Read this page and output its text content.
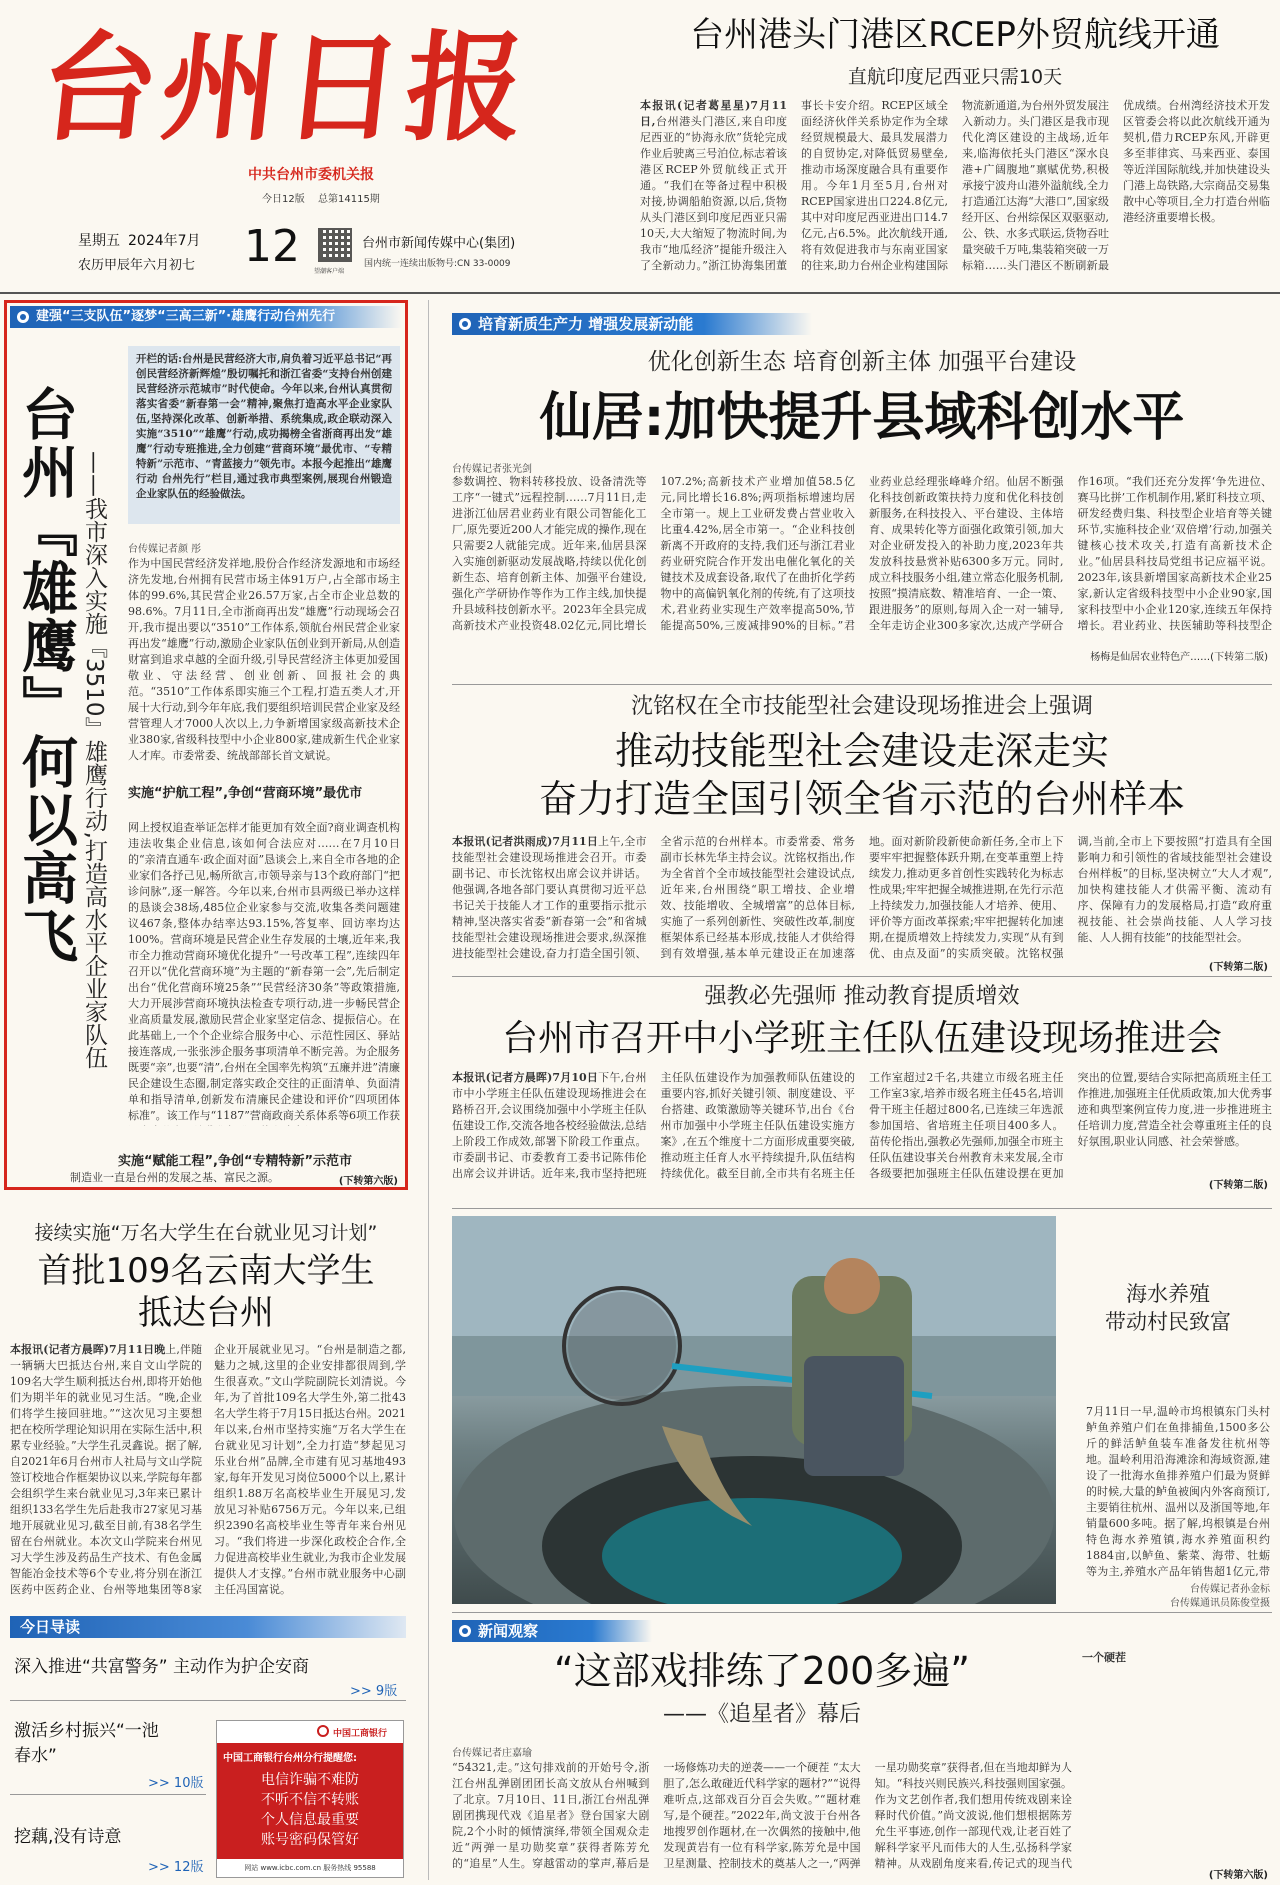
台州日报
中共台州市委机关报
今日12版 总第14115期
星期五 2024年7月
农历甲辰年六月初七 12 望潮客户端
台州市新闻传媒中心(集团)
国内统一连续出版物号:CN 33-0009
台州港头门港区RCEP外贸航线开通
直航印度尼西亚只需10天
本报讯(记者葛星星)7月11日,台州港头门港区,来自印度尼西亚的“协海永欣”货轮完成作业后驶离三号泊位,标志着该港区RCEP外贸航线正式开通。“我们在等备过程中积极对接,协调船舶资源,以后,货物从头门港区到印度尼西亚只需10天,大大缩短了物流时间,为我市“地瓜经济”提能升级注入了全新动力。”浙江协海集团董事长卡安介绍。RCEP区域全面经济伙伴关系协定作为全球经贸规模最大、最具发展潜力的自贸协定,对降低贸易壁垒,推动市场深度融合具有重要作用。今年1月至5月,台州对RCEP国家进出口224.8亿元,其中对印度尼西亚进出口14.7亿元,占6.5%。此次航线开通,将有效促进我市与东南亚国家的往来,助力台州企业构建国际物流新通道,为台州外贸发展注入新动力。头门港区是我市现代化湾区建设的主战场,近年来,临海依托头门港区“深水良港+广阔腹地”禀赋优势,积极承接宁波舟山港外溢航线,全力打造通江达海“大港口”,国家级经开区、台州综保区双驱驱动,公、铁、水多式联运,货物吞吐量突破千万吨,集装箱突破一万标箱……头门港区不断刷新最优成绩。台州湾经济技术开发区管委会将以此次航线开通为契机,借力RCEP东风,开辟更多至菲律宾、马来西亚、泰国等近洋国际航线,并加快建设头门港上岛铁路,大宗商品交易集散中心等项目,全力打造台州临港经济重要增长极。
建强“三支队伍”逐梦“三高三新”·雄鹰行动台州先行
台州『雄鹰』何以高飞 ——我市深入实施『3510』雄鹰行动,打造高水平企业家队伍
开栏的话:台州是民营经济大市,肩负着习近平总书记“再创民营经济新辉煌”殷切嘱托和浙江省委“支持台州创建民营经济示范城市”时代使命。今年以来,台州认真贯彻落实省委“新春第一会”精神,聚焦打造高水平企业家队伍,坚持深化改革、创新举措、系统集成,政企联动深入实施“3510”“雄鹰”行动,成功揭榜全省浙商再出发“雄鹰”行动专班推进,全力创建“营商环境”最优市、“专精特新”示范市、“青蓝接力”领先市。本报今起推出“雄鹰行动 台州先行”栏目,通过我市典型案例,展现台州锻造企业家队伍的经验做法。
台传媒记者颜 彤
作为中国民营经济发祥地,股份合作经济发源地和市场经济先发地,台州拥有民营市场主体91万户,占全部市场主体的99.6%,其民营企业26.57万家,占全市企业总数的98.6%。7月11日,全市浙商再出发“雄鹰”行动现场会召开,我市提出要以“3510”工作体系,领航台州民营企业家再出发“雄鹰”行动,激励企业家队伍创业到开新局,从创造财富到追求卓越的全面升级,引导民营经济主体更加爱国敬业、守法经营、创业创新、回报社会的典范。“3510”工作体系即实施三个工程,打造五类人才,开展十大行动,到今年年底,我们要组织培训民营企业家及经营管理人才7000人次以上,力争新增国家级高新技术企业380家,省级科技型中小企业800家,建成新生代企业家人才库。市委常委、统战部部长首文斌说。
实施“护航工程”,争创“营商环境”最优市
网上授权追查举证怎样才能更加有效全面?商业调查机构违法收集企业信息,该如何合法应对……在7月10日的“亲清直通车·政企面对面”恳谈会上,来自全市各地的企业家们各抒己见,畅所欲言,市领导亲与13个政府部门“把诊问脉”,逐一解答。今年以来,台州市县两级已举办这样的恳谈会38场,485位企业家参与交流,收集各类问题建议467条,整体办结率达93.15%,答复率、回访率均达100%。营商环境是民营企业生存发展的土壤,近年来,我市全力推动营商环境优化提升“一号改革工程”,连续四年召开以“优化营商环境”为主题的“新春第一会”,先后制定出台“优化营商环境25条”“民营经济30条”等政策措施,大力开展涉营商环境执法检查专项行动,进一步畅民营企业高质量发展,激励民营企业家坚定信念、提振信心。在此基础上,一个个企业综合服务中心、示范性园区、驿站接连落成,一张张涉企服务事项清单不断完善。为企服务既要“亲”,也要“清”,台州在全国率先构筑“五廉并进”清廉民企建设生态圈,制定落实政企交往的正面清单、负面清单和指导清单,创新发布清廉民企建设和评价“四项团体标准”。该工作与“1187”营商政商关系体系等6项工作获
实施“赋能工程”,争创“专精特新”示范市
制造业一直是台州的发展之基、富民之源。	(下转第六版)
培育新质生产力 增强发展新动能
优化创新生态 培育创新主体 加强平台建设
仙居:加快提升县域科创水平
台传媒记者张光剑
参数调控、物料转移投放、设备清洗等工序“一键式”远程控制……7月11日,走进浙江仙居君业药业有限公司智能化工厂,原先要近200人才能完成的操作,现在只需要2人就能完成。近年来,仙居县深入实施创新驱动发展战略,持续以优化创新生态、培育创新主体、加强平台建设,强化产学研协作等作为工作主线,加快提升县域科技创新水平。2023年全县完成高新技术产业投资48.02亿元,同比增长107.2%;高新技术产业增加值58.5亿元,同比增长16.8%;两项指标增速均居全市第一。规上工业研发费占营业收入比重4.42%,居全市第一。“企业科技创新离不开政府的支持,我们还与浙江君业药业研究院合作开发出电催化氧化的关键技术及成套设备,取代了在曲折化学药物中的高偏钒氧化剂的传统,有了这项技术,君业药业实现生产效率提高50%,节能提高50%,三废减排90%的目标。”君业药业总经理张峰峰介绍。仙居不断强化科技创新政策扶持力度和优化科技创新服务,在科技投入、平台建设、主体培育、成果转化等方面强化政策引领,加大对企业研发投入的补助力度,2023年共发放科技悬赏补贴6300多万元。同时,成立科技服务小组,建立常态化服务机制,按照“摸清底数、精准培育、一企一策、跟进服务”的原则,每周入企一对一辅导,全年走访企业300多家次,达成产学研合作16项。“我们还充分发挥‘争先进位、赛马比拼’工作机制作用,紧盯科技立项、研发经费归集、科技型企业培育等关键环节,实施科技企业‘双倍增’行动,加强关键核心技术攻关,打造有高新技术企业。”仙居县科技局党组书记应福平说。2023年,该县新增国家高新技术企业25家,新认定省级科技型中小企业90家,国家科技型中小企业120家,连续五年保持增长。君业药业、扶医辅助等科技型企
杨梅是仙居农业特色产……(下转第二版)
沈铭权在全市技能型社会建设现场推进会上强调
推动技能型社会建设走深走实
奋力打造全国引领全省示范的台州样本
本报讯(记者洪雨成)7月11日上午,全市技能型社会建设现场推进会召开。市委副书记、市长沈铭权出席会议并讲话。他强调,各地各部门要认真贯彻习近平总书记关于技能人才工作的重要指示批示精神,坚决落实省委“新春第一会”和省城技能型社会建设现场推进会要求,纵深推进技能型社会建设,奋力打造全国引领、全省示范的台州样本。市委常委、常务副市长林先华主持会议。沈铭权指出,作为全省首个全市域技能型社会建设试点,近年来,台州围绕“职工增技、企业增效、技能增收、全城增富”的总体目标,实施了一系列创新性、突破性改革,制度框架体系已经基本形成,技能人才供给得到有效增强,基本单元建设正在加速落地。面对新阶段新使命新任务,全市上下要牢牢把握整体跃升期,在变革重塑上持续发力,推动更多首创性实践转化为标志性成果;牢牢把握全城推进期,在先行示范上持续发力,加强技能人才培养、使用、评价等方面改革探索;牢牢把握转化加速期,在提质增效上持续发力,实现“从有到优、由点及面”的实质突破。沈铭权强调,当前,全市上下要按照“打造具有全国影响力和引领性的省域技能型社会建设台州样板”的目标,坚决树立“大人才观”,加快构建技能人才供需平衡、流动有序、保障有力的发展格局,打造“政府重视技能、社会崇尚技能、人人学习技能、人人拥有技能”的技能型社会。
(下转第二版)
强教必先强师 推动教育提质增效
台州市召开中小学班主任队伍建设现场推进会
本报讯(记者方晨晖)7月10日下午,台州市中小学班主任队伍建设现场推进会在路桥召开,会议围绕加强中小学班主任队伍建设工作,交流各地各校经验做法,总结上阶段工作成效,部署下阶段工作重点。市委副书记、市委教育工委书记陈伟伦出席会议并讲话。近年来,我市坚持把班主任队伍建设作为加强教师队伍建设的重要内容,抓好关键引领、制度建设、平台搭建、政策激励等关键环节,出台《台州市加强中小学班主任队伍建设实施方案》,在五个维度十二方面形成重要突破,推动班主任育人水平持续提升,队伍结构持续优化。截至目前,全市共有名班主任工作室超过2千名,共建立市级名班主任工作室3家,培养市级名班主任45名,培训骨干班主任超过800名,已连续三年选派参加国培、省培班主任项目400多人。苗传伦指出,强教必先强师,加强全市班主任队伍建设事关台州教育未来发展,全市各级要把加强班主任队伍建设摆在更加突出的位置,要结合实际把高质班主任工作推进,加强班主任优质政策,加大优秀事迹和典型案例宣传力度,进一步推进班主任培训力度,营造全社会尊重班主任的良好氛围,职业认同感、社会荣誉感。
(下转第二版)
接续实施“万名大学生在台就业见习计划”
首批109名云南大学生
抵达台州
本报讯(记者方晨晖)7月11日晚上,伴随一辆辆大巴抵达台州,来自文山学院的109名大学生顺利抵达台州,即将开始他们为期半年的就业见习生活。“晚,企业们将学生接回驻地。”“这次见习主要想把在校所学理论知识用在实际生活中,积累专业经验。”大学生孔灵鑫说。据了解,自2021年6月台州市人社局与文山学院签订校地合作框架协议以来,学院每年都会组织学生来台就业见习,3年来已累计组织133名学生先后赴我市27家见习基地开展就业见习,截至目前,有38名学生留在台州就业。本次文山学院来台州见习大学生涉及药品生产技术、有色金属智能冶金技术等6个专业,将分别在浙江医药中医药企业、台州等地集团等8家企业开展就业见习。“台州是制造之都,魅力之城,这里的企业安排都很周到,学生很喜欢。”文山学院副院长刘清说。今年,为了首批109名大学生外,第二批43名大学生将于7月15日抵达台州。2021年以来,台州市坚持实施“万名大学生在台就业见习计划”,全力打造“梦起见习 乐业台州”品牌,全市建有见习基地493家,每年开发见习岗位5000个以上,累计组织1.88万名高校毕业生开展见习,发放见习补贴6756万元。今年以来,已组织2390名高校毕业生等青年来台州见习。“我们将进一步深化政校企合作,全力促进高校毕业生就业,为我市企业发展提供人才支撑。”台州市就业服务中心副主任冯国富说。
今日导读
深入推进“共富警务” 主动作为护企安商
>> 9版
激活乡村振兴“一池春水”
>> 10版
挖藕,没有诗意
>> 12版
中国工商银行
中国工商银行台州分行提醒您:
电信诈骗不难防
不听不信不转账
个人信息最重要
账号密码保管好
网站 www.icbc.com.cn 服务热线 95588
海水养殖
带动村民致富
7月11日一早,温岭市坞根镇东门头村鲈鱼养殖户们在鱼排捕鱼,1500多公斤的鲜活鲈鱼装车准备发往杭州等地。温岭利用沿海滩涂和海域资源,建设了一批海水鱼排养殖户们最为贤鲜的时候,大量的鲈鱼被闽内外客商预订,主要销往杭州、温州以及浙国等地,年销量600多吨。据了解,坞根镇是台州特色海水养殖镇,海水养殖面积约1884亩,以鲈鱼、紫菜、海带、牡蛎等为主,养殖水产品年销售超1亿元,带
台传媒记者孙金标
台传媒通讯员陈俊堂摄
新闻观察
“这部戏排练了200多遍”
——《追星者》幕后
台传媒记者庄嘉瑜
“54321,走。”这句排戏前的开始号令,浙江台州乱弹剧团团长高文放从台州喊到了北京。7月10日、11日,浙江台州乱弹剧团携现代戏《追星者》登台国家大剧院,2个小时的倾情演绎,带领全国观众走近“两弹一星功勋奖章”获得者陈芳允的“追星”人生。穿越雷动的掌声,幕后是一场修炼功夫的逆袭——一个硬茬 “太大胆了,怎么敢碰近代科学家的题材?”“说得难听点,这部戏百分百会失败。”“题材难写,是个硬茬。”2022年,尚文波于台州各地搜罗创作题材,在一次偶然的接触中,他发现黄岩有一位有科学家,陈芳允是中国卫星测量、控制技术的奠基人之一,“两弹一星功勋奖章”获得者,但在当地却鲜为人知。“科技兴则民族兴,科技强则国家强。作为文艺创作者,我们想用传统戏剧来诠释时代价值。”尚文波说,他们想根据陈芳允生平事迹,创作一部现代戏,让老百姓了解科学家平凡而伟大的人生,弘扬科学家精神。从戏剧角度来看,传记式的现当代
一个硬茬
(下转第六版)
